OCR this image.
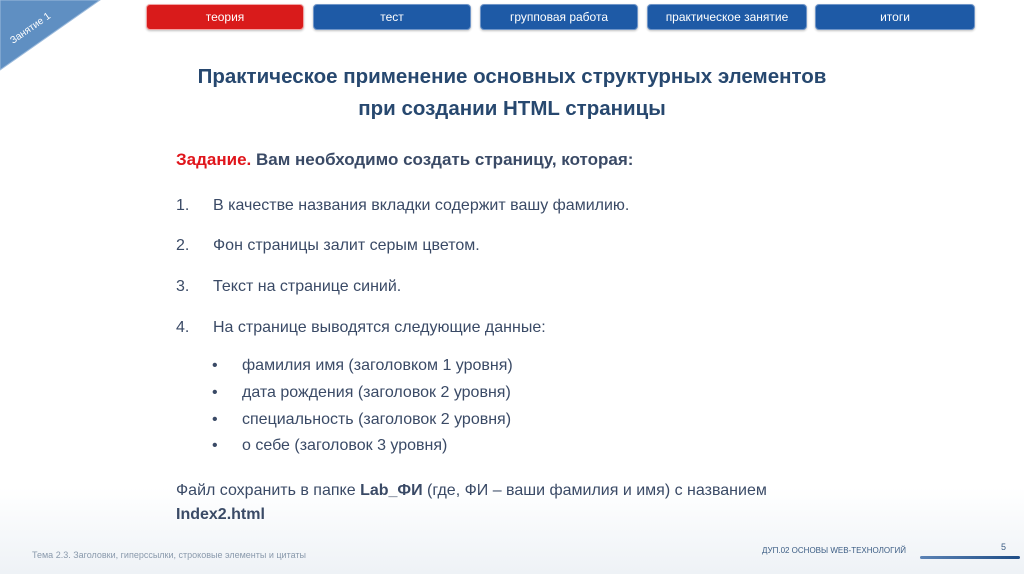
Занятие 1	теория	тест	групповая работа	практическое занятие	итоги
Практическое применение основных структурных элементов
при создании HTML страницы
Задание. Вам необходимо создать страницу, которая:
1. В качестве названия вкладки содержит вашу фамилию.
2. Фон страницы залит серым цветом.
3. Текст на странице синий.
4. На странице выводятся следующие данные:
• фамилия имя (заголовком 1 уровня)
• дата рождения (заголовок 2 уровня)
• специальность (заголовок 2 уровня)
• о себе (заголовок 3 уровня)
Файл сохранить в папке Lab_ФИ (где, ФИ – ваши фамилия и имя) с названием
Index2.html
Тема 2.3. Заголовки, гиперссылки, строковые элементы и цитаты	ДУП.02 ОСНОВЫ WEB-ТЕХНОЛОГИЙ	5
